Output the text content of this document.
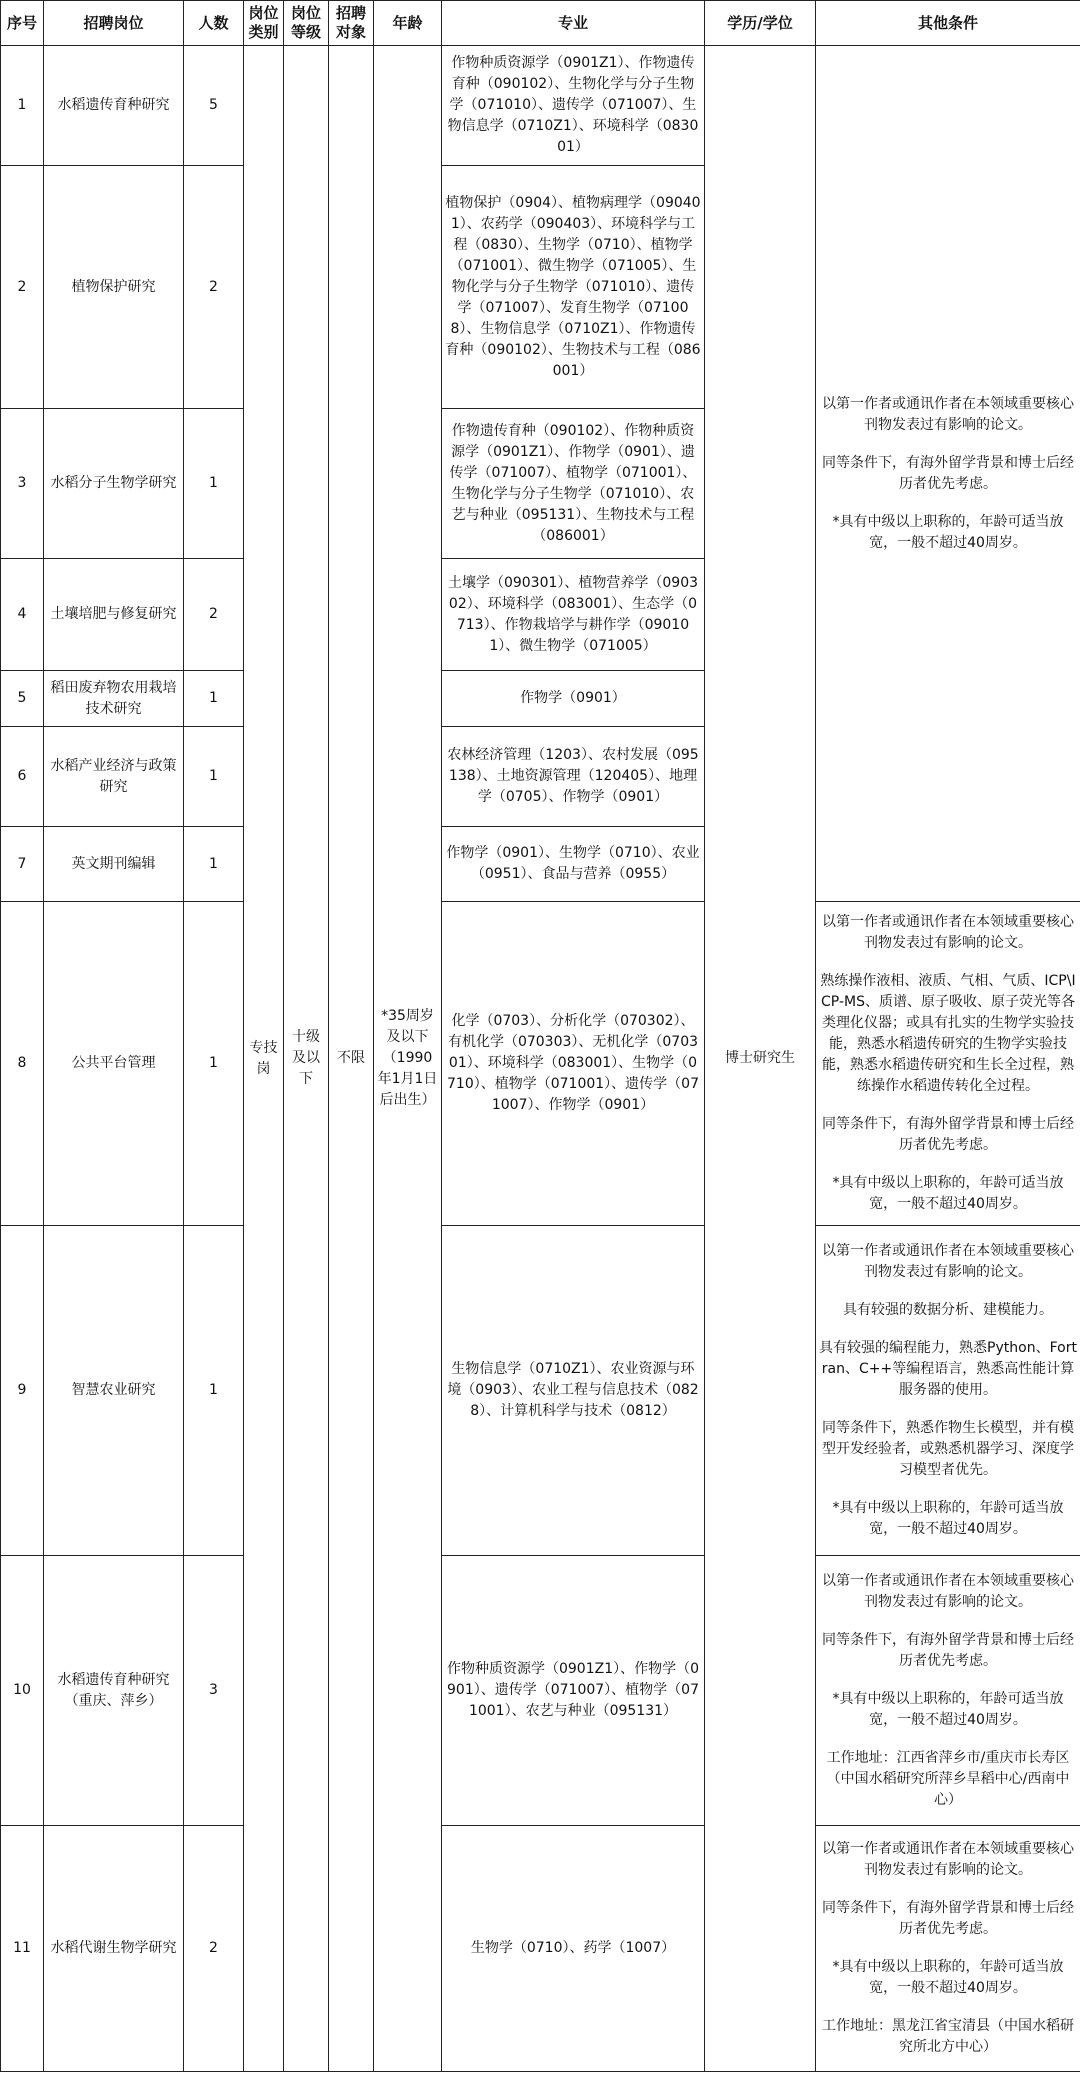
序号	招聘岗位	人数	岗位类别	岗位等级	招聘对象	年龄	专业	学历/学位	其他条件
1	水稻遗传育种研究	5	专技岗	十级及以下	不限	*35周岁及以下（1990年1月1日后出生）	作物种质资源学（0901Z1）、作物遗传育种（090102）、生物化学与分子生物学（071010）、遗传学（071007）、生物信息学（0710Z1）、环境科学（083001）	博士研究生	以第一作者或通讯作者在本领域重要核心刊物发表过有影响的论文。

同等条件下，有海外留学背景和博士后经历者优先考虑。

*具有中级以上职称的，年龄可适当放宽，一般不超过40周岁。

2	植物保护研究	2					植物保护（0904）、植物病理学（090401）、农药学（090403）、环境科学与工程（0830）、生物学（0710）、植物学（071001）、微生物学（071005）、生物化学与分子生物学（071010）、遗传学（071007）、发育生物学（071008）、生物信息学（0710Z1）、作物遗传育种（090102）、生物技术与工程（086001）		
3	水稻分子生物学研究	1					作物遗传育种（090102）、作物种质资源学（0901Z1）、作物学（0901）、遗传学（071007）、植物学（071001）、生物化学与分子生物学（071010）、农艺与种业（095131）、生物技术与工程（086001）		
4	土壤培肥与修复研究	2					土壤学（090301）、植物营养学（090302）、环境科学（083001）、生态学（0713）、作物栽培学与耕作学（090101）、微生物学（071005）		
5	稻田废弃物农用栽培技术研究	1					作物学（0901）		
6	水稻产业经济与政策研究	1					农林经济管理（1203）、农村发展（095138）、土地资源管理（120405）、地理学（0705）、作物学（0901）		
7	英文期刊编辑	1					作物学（0901）、生物学（0710）、农业（0951）、食品与营养（0955）		
8	公共平台管理	1					化学（0703）、分析化学（070302）、有机化学（070303）、无机化学（070301）、环境科学（083001）、生物学（0710）、植物学（071001）、遗传学（071007）、作物学（0901）		以第一作者或通讯作者在本领域重要核心刊物发表过有影响的论文。

熟练操作液相、液质、气相、气质、ICP\ICP-MS、质谱、原子吸收、原子荧光等各类理化仪器；或具有扎实的生物学实验技能，熟悉水稻遗传研究的生物学实验技能，熟悉水稻遗传研究和生长全过程，熟练操作水稻遗传转化全过程。

同等条件下，有海外留学背景和博士后经历者优先考虑。

*具有中级以上职称的，年龄可适当放宽，一般不超过40周岁。

9	智慧农业研究	1					生物信息学（0710Z1）、农业资源与环境（0903）、农业工程与信息技术（0828）、计算机科学与技术（0812）		以第一作者或通讯作者在本领域重要核心刊物发表过有影响的论文。

具有较强的数据分析、建模能力。

具有较强的编程能力，熟悉Python、Fortran、C++等编程语言，熟悉高性能计算服务器的使用。

同等条件下，熟悉作物生长模型，并有模型开发经验者，或熟悉机器学习、深度学习模型者优先。

*具有中级以上职称的，年龄可适当放宽，一般不超过40周岁。

10	水稻遗传育种研究（重庆、萍乡）	3					作物种质资源学（0901Z1）、作物学（0901）、遗传学（071007）、植物学（071001）、农艺与种业（095131）		以第一作者或通讯作者在本领域重要核心刊物发表过有影响的论文。

同等条件下，有海外留学背景和博士后经历者优先考虑。

*具有中级以上职称的，年龄可适当放宽，一般不超过40周岁。

工作地址：江西省萍乡市/重庆市长寿区（中国水稻研究所萍乡旱稻中心/西南中心）

11	水稻代谢生物学研究	2					生物学（0710）、药学（1007）		以第一作者或通讯作者在本领域重要核心刊物发表过有影响的论文。

同等条件下，有海外留学背景和博士后经历者优先考虑。

*具有中级以上职称的，年龄可适当放宽，一般不超过40周岁。

工作地址：黑龙江省宝清县（中国水稻研究所北方中心）
